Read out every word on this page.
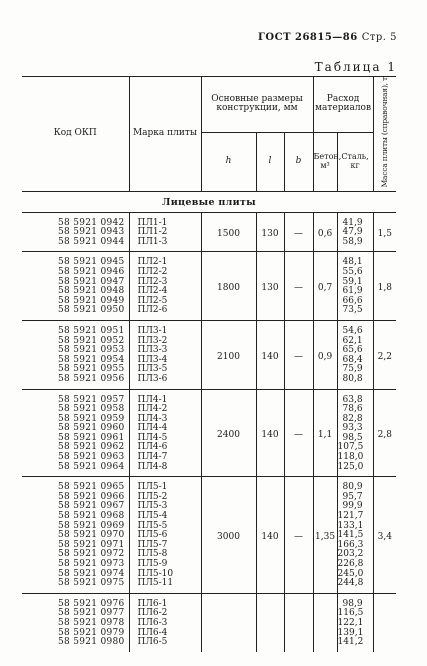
ГОСТ 26815—86 Стр. 5
Таблица 1
Код ОКП	Марка плиты	Основные размеры конструкции, мм			Расход материалов		Масса плиты (справочная), т
		h	l	b	Бетон, м³	Сталь, кг	
Лицевые плиты							
58 5921 0942	ПЛ1-1	1500	130	—	0,6	41,9	1,5
58 5921 0943	ПЛ1-2					47,9	
58 5921 0944	ПЛ1-3					58,9	
58 5921 0945	ПЛ2-1	1800	130	—	0,7	48,1	1,8
58 5921 0946	ПЛ2-2					55,6	
58 5921 0947	ПЛ2-3					59,1	
58 5921 0948	ПЛ2-4					61,9	
58 5921 0949	ПЛ2-5					66,6	
58 5921 0950	ПЛ2-6					73,5	
58 5921 0951	ПЛ3-1	2100	140	—	0,9	54,6	2,2
58 5921 0952	ПЛ3-2					62,1	
58 5921 0953	ПЛ3-3					65,6	
58 5921 0954	ПЛ3-4					68,4	
58 5921 0955	ПЛ3-5					75,9	
58 5921 0956	ПЛ3-6					80,8	
58 5921 0957	ПЛ4-1	2400	140	—	1,1	63,8	2,8
58 5921 0958	ПЛ4-2					78,6	
58 5921 0959	ПЛ4-3					82,8	
58 5921 0960	ПЛ4-4					93,3	
58 5921 0961	ПЛ4-5					98,5	
58 5921 0962	ПЛ4-6					107,5	
58 5921 0963	ПЛ4-7					118,0	
58 5921 0964	ПЛ4-8					125,0	
58 5921 0965	ПЛ5-1	3000	140	—	1,35	80,9	3,4
58 5921 0966	ПЛ5-2					95,7	
58 5921 0967	ПЛ5-3					99,9	
58 5921 0968	ПЛ5-4					121,7	
58 5921 0969	ПЛ5-5					133,1	
58 5921 0970	ПЛ5-6					141,5	
58 5921 0971	ПЛ5-7					166,3	
58 5921 0972	ПЛ5-8					203,2	
58 5921 0973	ПЛ5-9					226,8	
58 5921 0974	ПЛ5-10					245,0	
58 5921 0975	ПЛ5-11					244,8	
58 5921 0976	ПЛ6-1					98,9	
58 5921 0977	ПЛ6-2					116,5	
58 5921 0978	ПЛ6-3					122,1	
58 5921 0979	ПЛ6-4					139,1	
58 5921 0980	ПЛ6-5					141,2	
